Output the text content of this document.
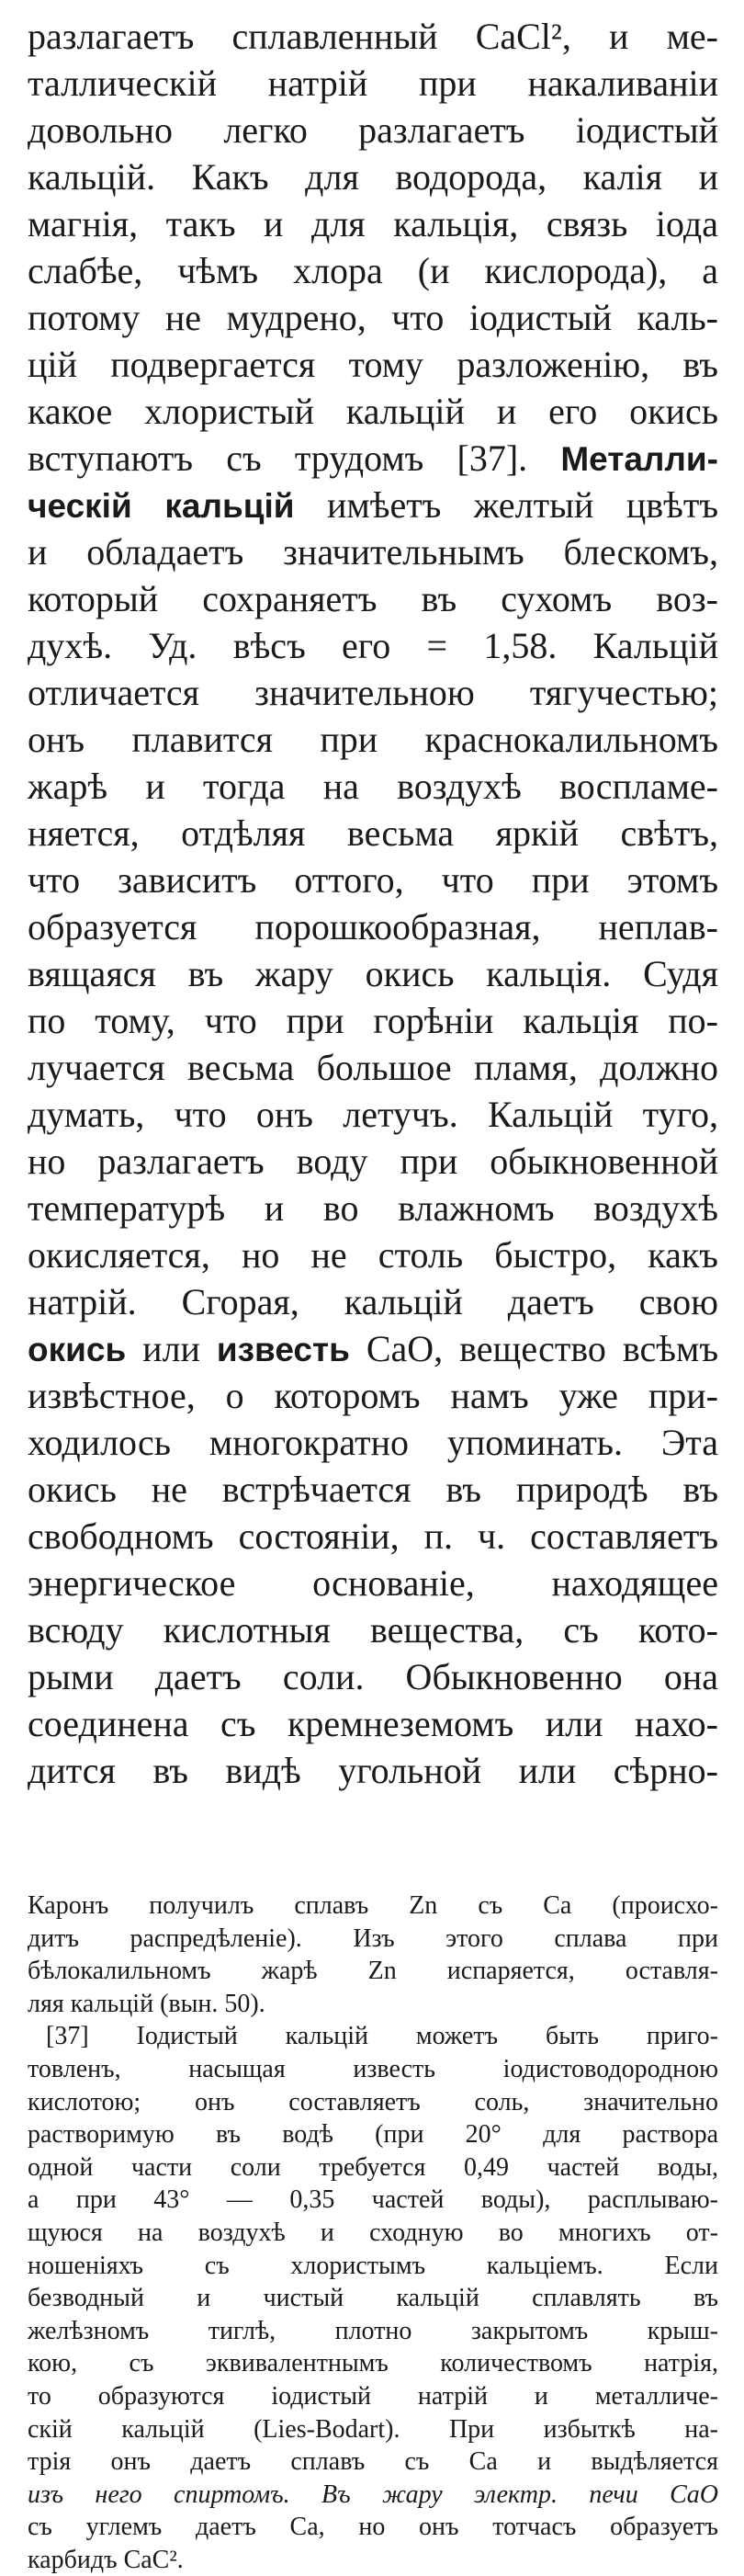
разлагаетъ сплавленный CaCl², и ме-
таллическій натрій при накаливаніи
довольно легко разлагаетъ іодистый
кальцій. Какъ для водорода, калія и
магнія, такъ и для кальція, связь іода
слабѣе, чѣмъ хлора (и кислорода), а
потому не мудрено, что іодистый каль-
цій подвергается тому разложенію, въ
какое хлористый кальцій и его окись
вступаютъ съ трудомъ [37]. Металли-
ческій кальцій имѣетъ желтый цвѣтъ
и обладаетъ значительнымъ блескомъ,
который сохраняетъ въ сухомъ воз-
духѣ. Уд. вѣсъ его = 1,58. Кальцій
отличается значительною тягучестью;
онъ плавится при краснокалильномъ
жарѣ и тогда на воздухѣ воспламе-
няется, отдѣляя весьма яркій свѣтъ,
что зависитъ оттого, что при этомъ
образуется порошкообразная, неплав-
вящаяся въ жару окись кальція. Судя
по тому, что при горѣніи кальція по-
лучается весьма большое пламя, должно
думать, что онъ летучъ. Кальцій туго,
но разлагаетъ воду при обыкновенной
температурѣ и во влажномъ воздухѣ
окисляется, но не столь быстро, какъ
натрій. Сгорая, кальцій даетъ свою
окись или известь CaO, вещество всѣмъ
извѣстное, о которомъ намъ уже при-
ходилось многократно упоминать. Эта
окись не встрѣчается въ природѣ въ
свободномъ состояніи, п. ч. составляетъ
энергическое основаніе, находящее
всюду кислотныя вещества, съ кото-
рыми даетъ соли. Обыкновенно она
соединена съ кремнеземомъ или нахо-
дится въ видѣ угольной или сѣрно-
Каронъ получилъ сплавъ Zn съ Ca (происхо-
дитъ распредѣленіе). Изъ этого сплава при
бѣлокалильномъ жарѣ Zn испаряется, оставля-
ляя кальцій (вын. 50).
[37] Іодистый кальцій можетъ быть приго-
товленъ, насыщая известь іодистоводородною
кислотою; онъ составляетъ соль, значительно
растворимую въ водѣ (при 20° для раствора
одной части соли требуется 0,49 частей воды,
а при 43° — 0,35 частей воды), расплываю-
щуюся на воздухѣ и сходную во многихъ от-
ношеніяхъ съ хлористымъ кальціемъ. Если
безводный и чистый кальцій сплавлять въ
желѣзномъ тиглѣ, плотно закрытомъ крыш-
кою, съ эквивалентнымъ количествомъ натрія,
то образуются іодистый натрій и металличе-
скій кальцій (Lies-Bodart). При избыткѣ на-
трія онъ даетъ сплавъ съ Ca и выдѣляется
изъ него спиртомъ. Въ жару электр. печи CaO
съ углемъ даетъ Ca, но онъ тотчасъ образуетъ
карбидъ CaC².
